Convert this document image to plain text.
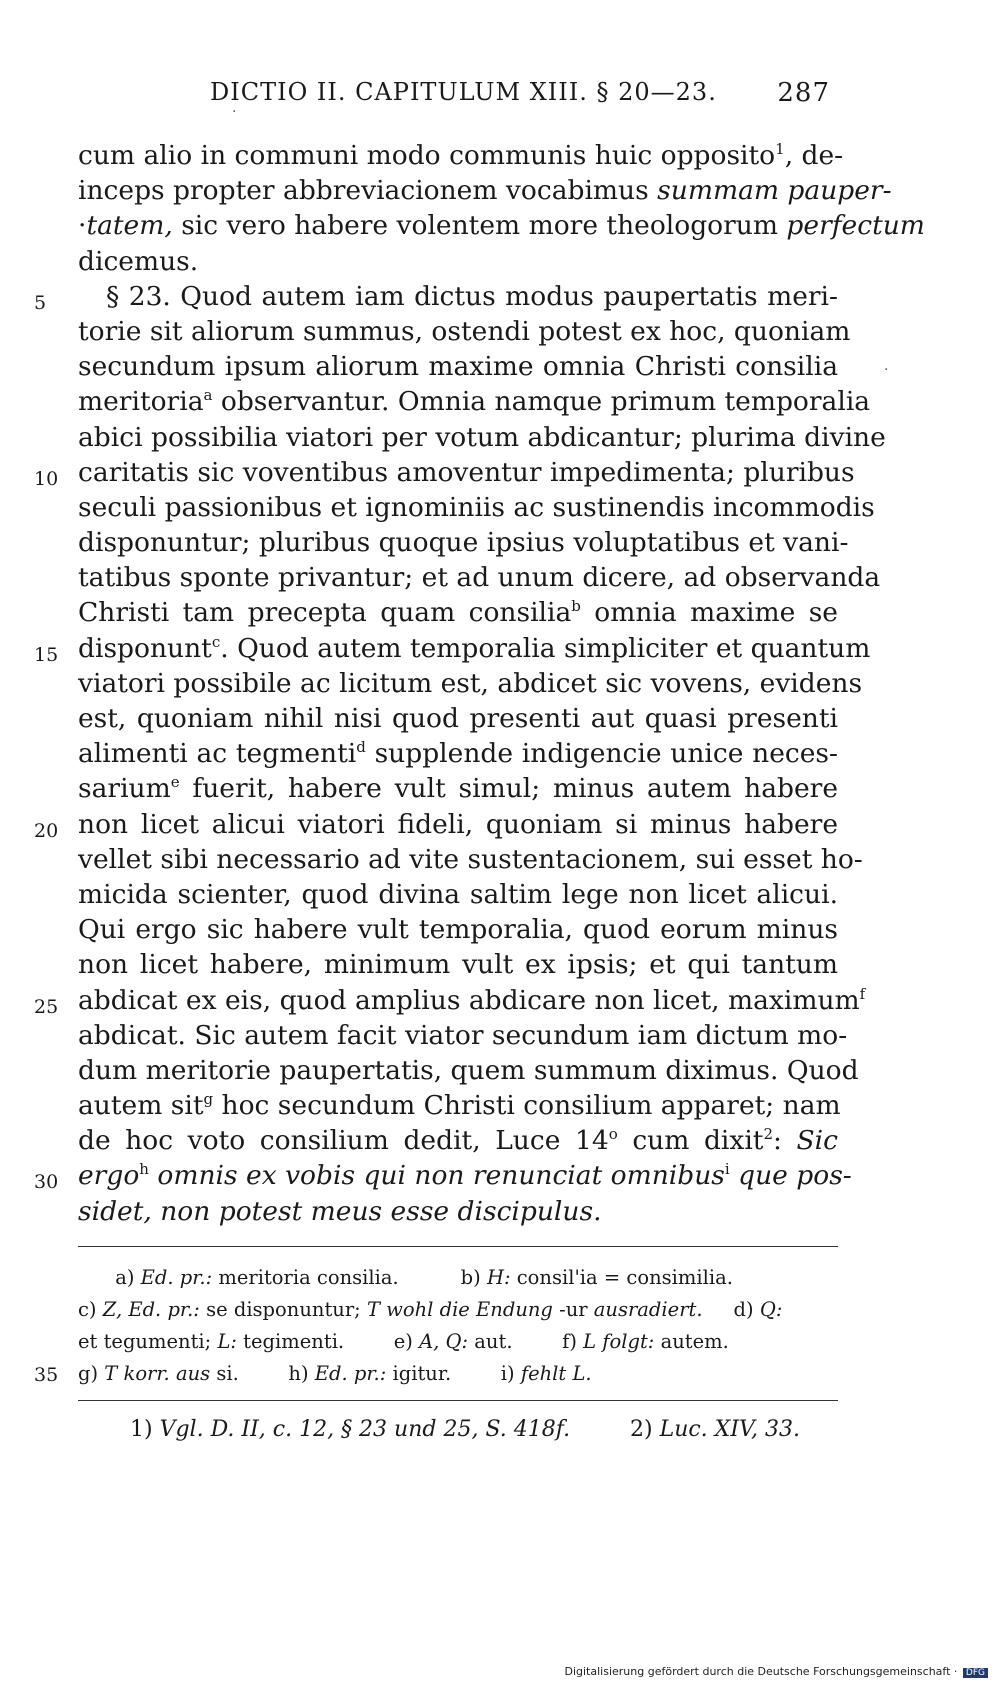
DICTIO II. CAPITULUM XIII. § 20—23. 287
·
·
cum alio in communi modo communis huic opposito$^1$, de-
inceps propter abbreviacionem vocabimus summam pauper-
·tatem, sic vero habere volentem more theologorum perfectum
dicemus.
5	§ 23. Quod autem iam dictus modus paupertatis meri-
torie sit aliorum summus, ostendi potest ex hoc, quoniam
secundum ipsum aliorum maxime omnia Christi consilia
meritoria$^a$ observantur. Omnia namque primum temporalia
abici possibilia viatori per votum abdicantur; plurima divine
10 caritatis sic voventibus amoventur impedimenta; pluribus
seculi passionibus et ignominiis ac sustinendis incommodis
disponuntur; pluribus quoque ipsius voluptatibus et vani-
tatibus sponte privantur; et ad unum dicere, ad observanda
Christi tam precepta quam consilia$^b$ omnia maxime se
15 disponunt$^c$. Quod autem temporalia simpliciter et quantum
viatori possibile ac licitum est, abdicet sic vovens, evidens
est, quoniam nihil nisi quod presenti aut quasi presenti
alimenti ac tegmenti$^d$ supplende indigencie unice neces-
sarium$^e$ fuerit, habere vult simul; minus autem habere
20 non licet alicui viatori fideli, quoniam si minus habere
vellet sibi necessario ad vite sustentacionem, sui esset ho-
micida scienter, quod divina saltim lege non licet alicui.
Qui ergo sic habere vult temporalia, quod eorum minus
non licet habere, minimum vult ex ipsis; et qui tantum
25 abdicat ex eis, quod amplius abdicare non licet, maximum$^f$
abdicat. Sic autem facit viator secundum iam dictum mo-
dum meritorie paupertatis, quem summum diximus. Quod
autem sit$^g$ hoc secundum Christi consilium apparet; nam
de hoc voto consilium dedit, Luce 14$^o$ cum dixit$^2$: Sic
30 ergo$^h$ omnis ex vobis qui non renunciat omnibus$^i$ que pos-
sidet, non potest meus esse discipulus.
a) Ed. pr.: meritoria consilia.          b) H: consil'ia = consimilia.
c) Z, Ed. pr.: se disponuntur; T wohl die Endung -ur ausradiert.     d) Q:
et tegumenti; L: tegimenti.        e) A, Q: aut.        f) L folgt: autem.
35 g) T korr. aus si.        h) Ed. pr.: igitur.        i) fehlt L.
1) Vgl. D. II, c. 12, § 23 und 25, S. 418f.	2) Luc. XIV, 33.
Digitalisierung gefördert durch die Deutsche Forschungsgemeinschaft · DFG
